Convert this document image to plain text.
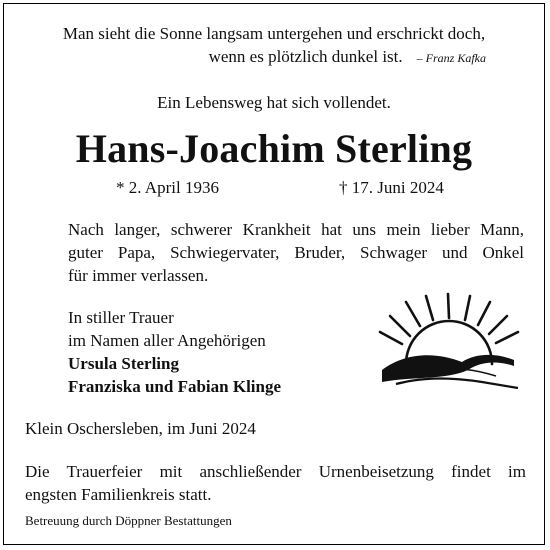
Man sieht die Sonne langsam untergehen und erschrickt doch,
wenn es plötzlich dunkel ist. – Franz Kafka
Ein Lebensweg hat sich vollendet.
Hans-Joachim Sterling
* 2. April 1936	† 17. Juni 2024
Nach langer, schwerer Krankheit hat uns mein lieber Mann,
guter Papa, Schwiegervater, Bruder, Schwager und Onkel
für immer verlassen.
In stiller Trauer
im Namen aller Angehörigen
Ursula Sterling
Franziska und Fabian Klinge
Klein Oschersleben, im Juni 2024
Die Trauerfeier mit anschließender Urnenbeisetzung findet im
engsten Familienkreis statt.
Betreuung durch Döppner Bestattungen
